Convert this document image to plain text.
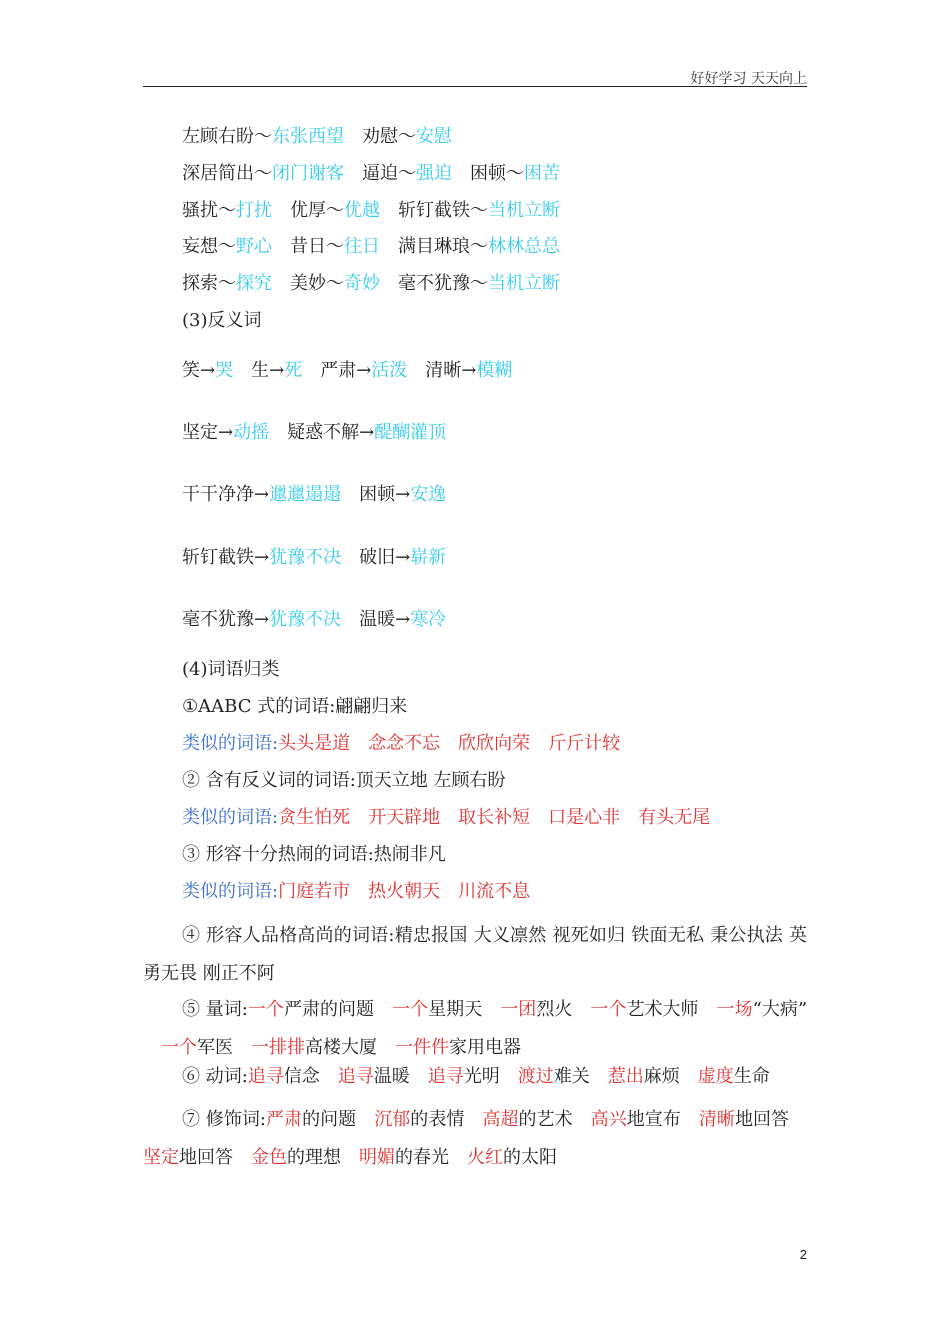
好好学习 天天向上
左顾右盼～东张西望 劝慰～安慰
深居简出～闭门谢客 逼迫～强迫 困顿～困苦
骚扰～打扰 优厚～优越 斩钉截铁～当机立断
妄想～野心 昔日～往日 满目琳琅～林林总总
探索～探究 美妙～奇妙 毫不犹豫～当机立断
(3)反义词
笑→哭 生→死 严肃→活泼 清晰→模糊
坚定→动摇 疑惑不解→醍醐灌顶
干干净净→邋邋遢遢 困顿→安逸
斩钉截铁→犹豫不决 破旧→崭新
毫不犹豫→犹豫不决 温暖→寒冷
(4)词语归类
①AABC 式的词语:翩翩归来
类似的词语:头头是道 念念不忘 欣欣向荣 斤斤计较
② 含有反义词的词语:顶天立地 左顾右盼
类似的词语:贪生怕死 开天辟地 取长补短 口是心非 有头无尾
③ 形容十分热闹的词语:热闹非凡
类似的词语:门庭若市 热火朝天 川流不息
④ 形容人品格高尚的词语:精忠报国 大义凛然 视死如归 铁面无私 秉公执法 英勇无畏 刚正不阿
⑤ 量词:一个严肃的问题 一个星期天 一团烈火 一个艺术大师 一场“大病”一个军医 一排排高楼大厦 一件件家用电器
⑥ 动词:追寻信念 追寻温暖 追寻光明 渡过难关 惹出麻烦 虚度生命
⑦ 修饰词:严肃的问题 沉郁的表情 高超的艺术 高兴地宣布 清晰地回答坚定地回答 金色的理想 明媚的春光 火红的太阳
2
